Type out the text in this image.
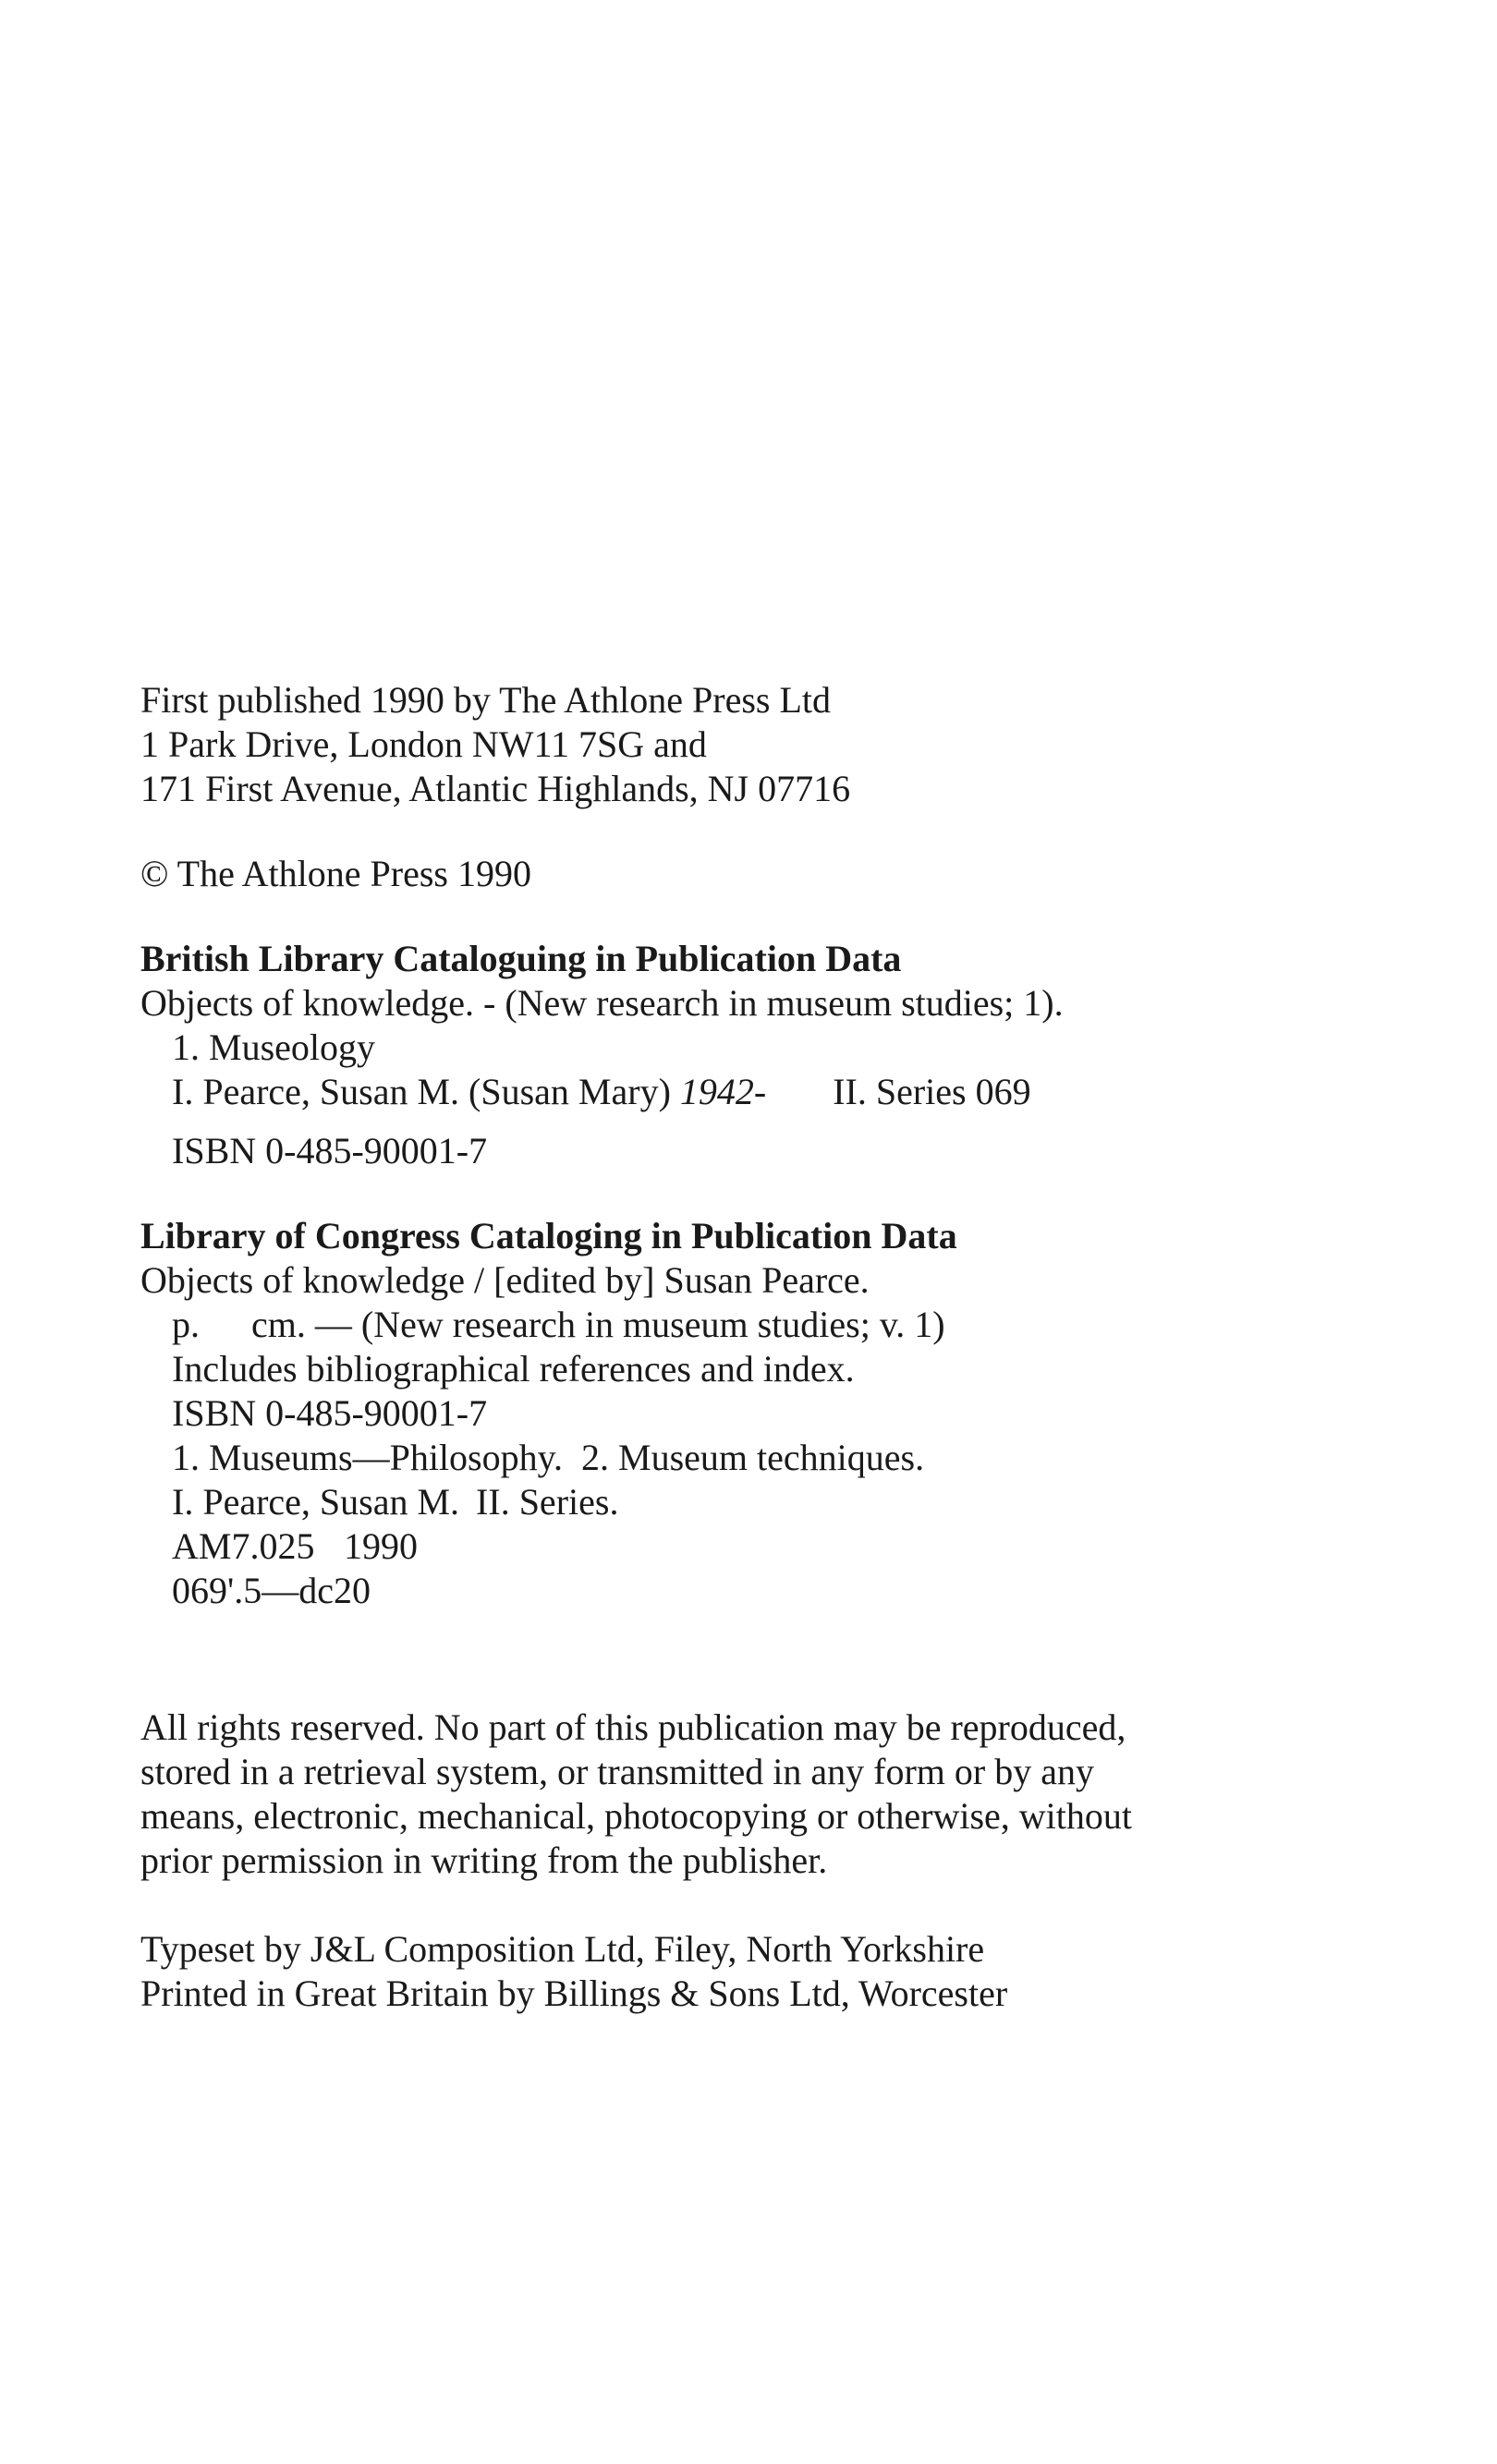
First published 1990 by The Athlone Press Ltd
1 Park Drive, London NW11 7SG and
171 First Avenue, Atlantic Highlands, NJ 07716
© The Athlone Press 1990
British Library Cataloguing in Publication Data
Objects of knowledge. - (New research in museum studies; 1).
1. Museology
I. Pearce, Susan M. (Susan Mary) 1942- II. Series 069
ISBN 0-485-90001-7
Library of Congress Cataloging in Publication Data
Objects of knowledge / [edited by] Susan Pearce.
p. cm. — (New research in museum studies; v. 1)
Includes bibliographical references and index.
ISBN 0-485-90001-7
1. Museums—Philosophy.  2. Museum techniques.
I. Pearce, Susan M. II. Series.
AM7.025 1990
069'.5—dc20
All rights reserved. No part of this publication may be reproduced,
stored in a retrieval system, or transmitted in any form or by any
means, electronic, mechanical, photocopying or otherwise, without
prior permission in writing from the publisher.
Typeset by J&L Composition Ltd, Filey, North Yorkshire
Printed in Great Britain by Billings & Sons Ltd, Worcester
